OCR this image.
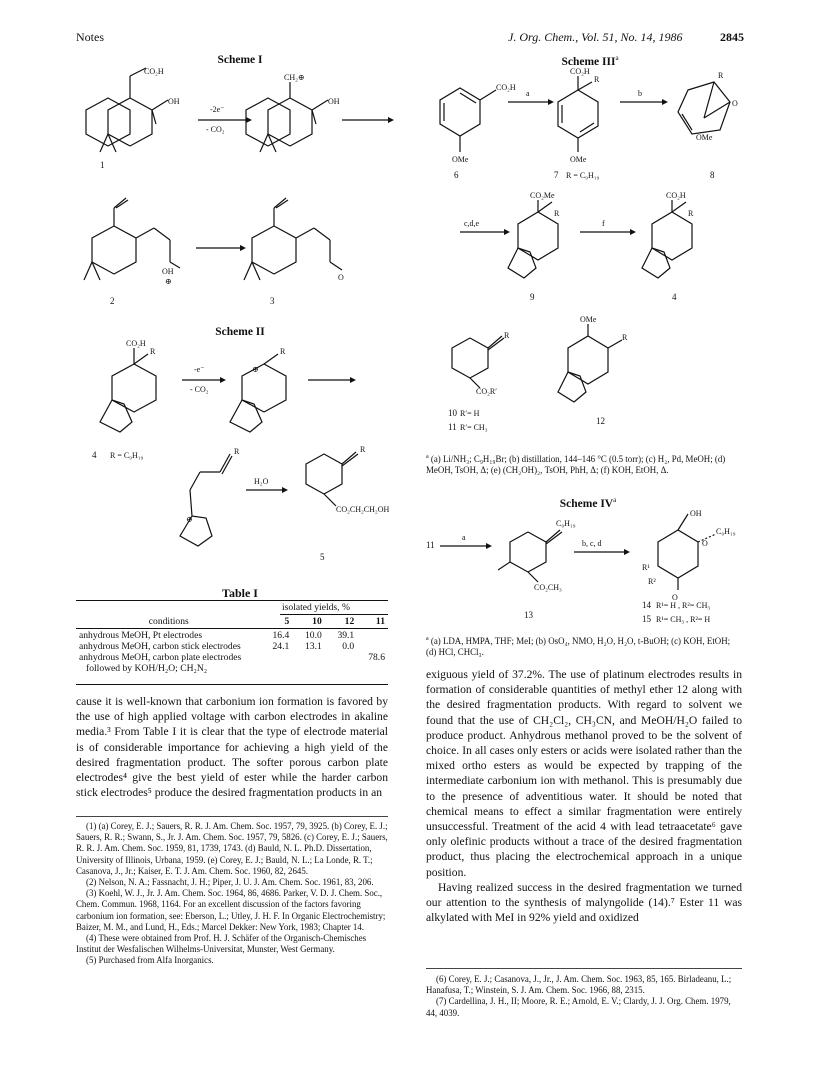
Notes	J. Org. Chem., Vol. 51, No. 14, 1986	2845
Scheme I
CO₂H
OH
1
-2e⁻
- CO₂
CH₂⊕
OH
OH
⊕
2
O
3
Scheme II
CO₂H
R
4 R = C₉H₁₉
-e⁻
- CO₂
⊕
R
R
⊕
H₂O
R
CO₂CH₂CH₂OH
5
Table I
isolated yields, %
conditions	5	10	12	11

anhydrous MeOH, Pt electrodes	16.4	10.0	39.1	
anhydrous MeOH, carbon stick electrodes	24.1	13.1	0.0	
anhydrous MeOH, carbon plate electrodes				78.6
followed by KOH/H₂O; CH₂N₂				
cause it is well-known that carbonium ion formation is favored by the use of high applied voltage with carbon electrodes in akaline media.³ From Table I it is clear that the type of electrode material is of considerable importance for achieving a high yield of the desired fragmentation product. The softer porous carbon plate electrodes⁴ give the best yield of ester while the harder carbon stick electrodes⁵ produce the desired fragmentation products in an
(1) (a) Corey, E. J.; Sauers, R. R. J. Am. Chem. Soc. 1957, 79, 3925. (b) Corey, E. J.; Sauers, R. R.; Swann, S., Jr. J. Am. Chem. Soc. 1957, 79, 5826. (c) Corey, E. J.; Sauers, R. R. J. Am. Chem. Soc. 1959, 81, 1739, 1743. (d) Bauld, N. L. Ph.D. Dissertation, University of Illinois, Urbana, 1959. (e) Corey, E. J.; Bauld, N. L.; La Londe, R. T.; Casanova, J., Jr.; Kaiser, E. T. J. Am. Chem. Soc. 1960, 82, 2645.
(2) Nelson, N. A.; Fassnacht, J. H.; Piper, J. U. J. Am. Chem. Soc. 1961, 83, 206.
(3) Koehl, W. J., Jr. J. Am. Chem. Soc. 1964, 86, 4686. Parker, V. D. J. Chem. Soc., Chem. Commun. 1968, 1164. For an excellent discussion of the factors favoring carbonium ion formation, see: Eberson, L.; Utley, J. H. F. In Organic Electrochemistry; Baizer, M. M., and Lund, H., Eds.; Marcel Dekker: New York, 1983; Chapter 14.
(4) These were obtained from Prof. H. J. Schäfer of the Organisch-Chemisches Institut der Wesfalischen Wilhelms-Universitat, Munster, West Germany.
(5) Purchased from Alfa Inorganics.
Scheme III$^a$
CO₂H
OMe
6
a
CO₂H
R
OMe
7 R = C₉H₁₉
b
R
O
OMe
8
c,d,e
CO₂Me
R
9
f
CO₂H
R
4
R
CO₂R′
10 R′= H
11 R′= CH₃
OMe
R
12
$^a$ (a) Li/NH₃; C₉H₁₉Br; (b) distillation, 144–146 °C (0.5 torr); (c) H₂, Pd, MeOH; (d) MeOH, TsOH, Δ; (e) (CH₂OH)₂, TsOH, PhH, Δ; (f) KOH, EtOH, Δ.
Scheme $IV^a$
11
a
C₉H₁₉
CO₂CH₃
13
b, c, d
OH
C₉H₁₉
O
O
R¹
R²
14 R¹= H , R²= CH₃
15 R¹= CH₃ , R²= H
$^a$ (a) LDA, HMPA, THF; MeI; (b) OsO₄, NMO, H₂O, H₂O, t-BuOH; (c) KOH, EtOH; (d) HCl, CHCl₃.
exiguous yield of 37.2%. The use of platinum electrodes results in formation of considerable quantities of methyl ether 12 along with the desired fragmentation products. With regard to solvent we found that the use of CH₂Cl₂, CH₃CN, and MeOH/H₂O failed to produce product. Anhydrous methanol proved to be the solvent of choice. In all cases only esters or acids were isolated rather than the mixed ortho esters as would be expected by trapping of the intermediate carbonium ion with methanol. This is presumably due to the presence of adventitious water. It should be noted that chemical means to effect a similar fragmentation were entirely unsuccessful. Treatment of the acid 4 with lead tetraacetate⁶ gave only olefinic products without a trace of the desired fragmentation product, thus placing the electrochemical approach in a unique position.
Having realized success in the desired fragmentation we turned our attention to the synthesis of malyngolide (14).⁷ Ester 11 was alkylated with MeI in 92% yield and oxidized
(6) Corey, E. J.; Casanova, J., Jr., J. Am. Chem. Soc. 1963, 85, 165. Birladeanu, L.; Hanafusa, T.; Winstein, S. J. Am. Chem. Soc. 1966, 88, 2315.
(7) Cardellina, J. H., II; Moore, R. E.; Arnold, E. V.; Clardy, J. J. Org. Chem. 1979, 44, 4039.
